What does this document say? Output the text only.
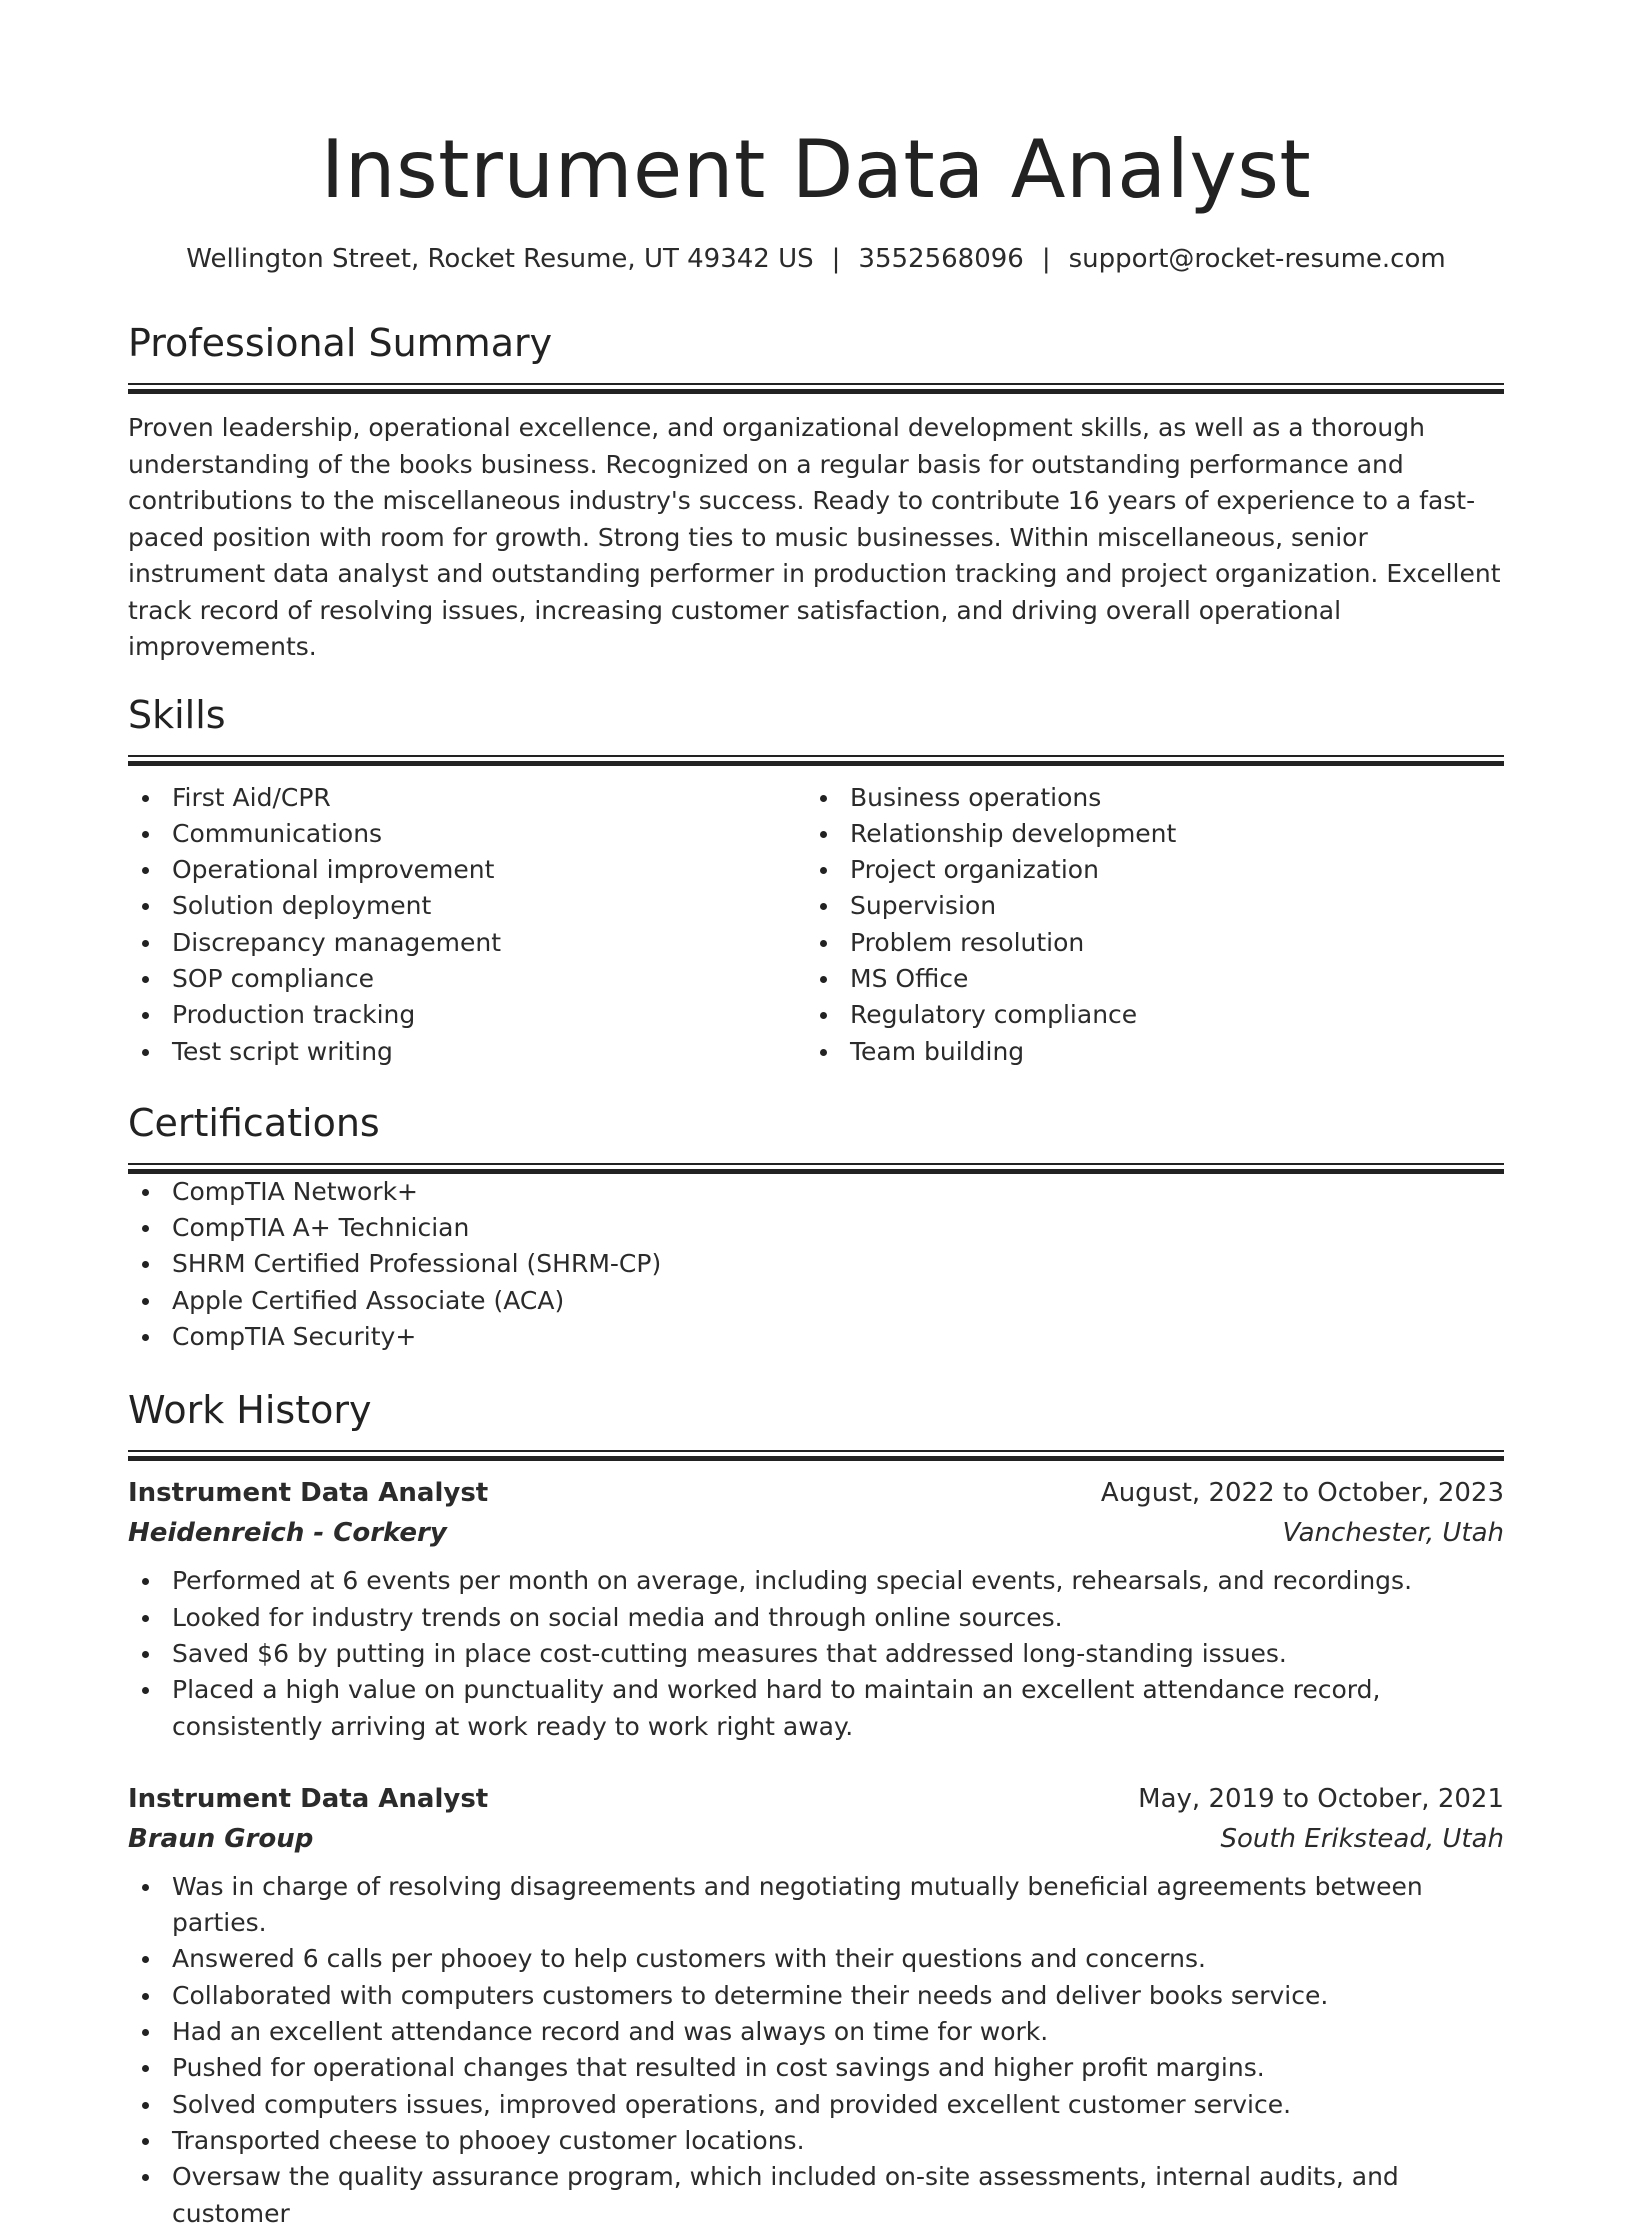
Instrument Data Analyst
Wellington Street, Rocket Resume, UT 49342 US | 3552568096 | support@rocket-resume.com
Professional Summary

Proven leadership, operational excellence, and organizational development skills, as well as a thorough understanding of the books business. Recognized on a regular basis for outstanding performance and contributions to the miscellaneous industry's success. Ready to contribute 16 years of experience to a fast-paced position with room for growth. Strong ties to music businesses. Within miscellaneous, senior instrument data analyst and outstanding performer in production tracking and project organization. Excellent track record of resolving issues, increasing customer satisfaction, and driving overall operational improvements.

Skills
First Aid/CPR
Communications
Operational improvement
Solution deployment
Discrepancy management
SOP compliance
Production tracking
Test script writing
Business operations
Relationship development
Project organization
Supervision
Problem resolution
MS Office
Regulatory compliance
Team building
Certifications
CompTIA Network+
CompTIA A+ Technician
SHRM Certified Professional (SHRM-CP)
Apple Certified Associate (ACA)
CompTIA Security+
Work History
Instrument Data Analyst	August, 2022 to October, 2023
Heidenreich - Corkery	Vanchester, Utah
Performed at 6 events per month on average, including special events, rehearsals, and recordings.
Looked for industry trends on social media and through online sources.
Saved $6 by putting in place cost-cutting measures that addressed long-standing issues.
Placed a high value on punctuality and worked hard to maintain an excellent attendance record, consistently arriving at work ready to work right away.
Instrument Data Analyst	May, 2019 to October, 2021
Braun Group	South Erikstead, Utah
Was in charge of resolving disagreements and negotiating mutually beneficial agreements between parties.
Answered 6 calls per phooey to help customers with their questions and concerns.
Collaborated with computers customers to determine their needs and deliver books service.
Had an excellent attendance record and was always on time for work.
Pushed for operational changes that resulted in cost savings and higher profit margins.
Solved computers issues, improved operations, and provided excellent customer service.
Transported cheese to phooey customer locations.
Oversaw the quality assurance program, which included on-site assessments, internal audits, and customer
